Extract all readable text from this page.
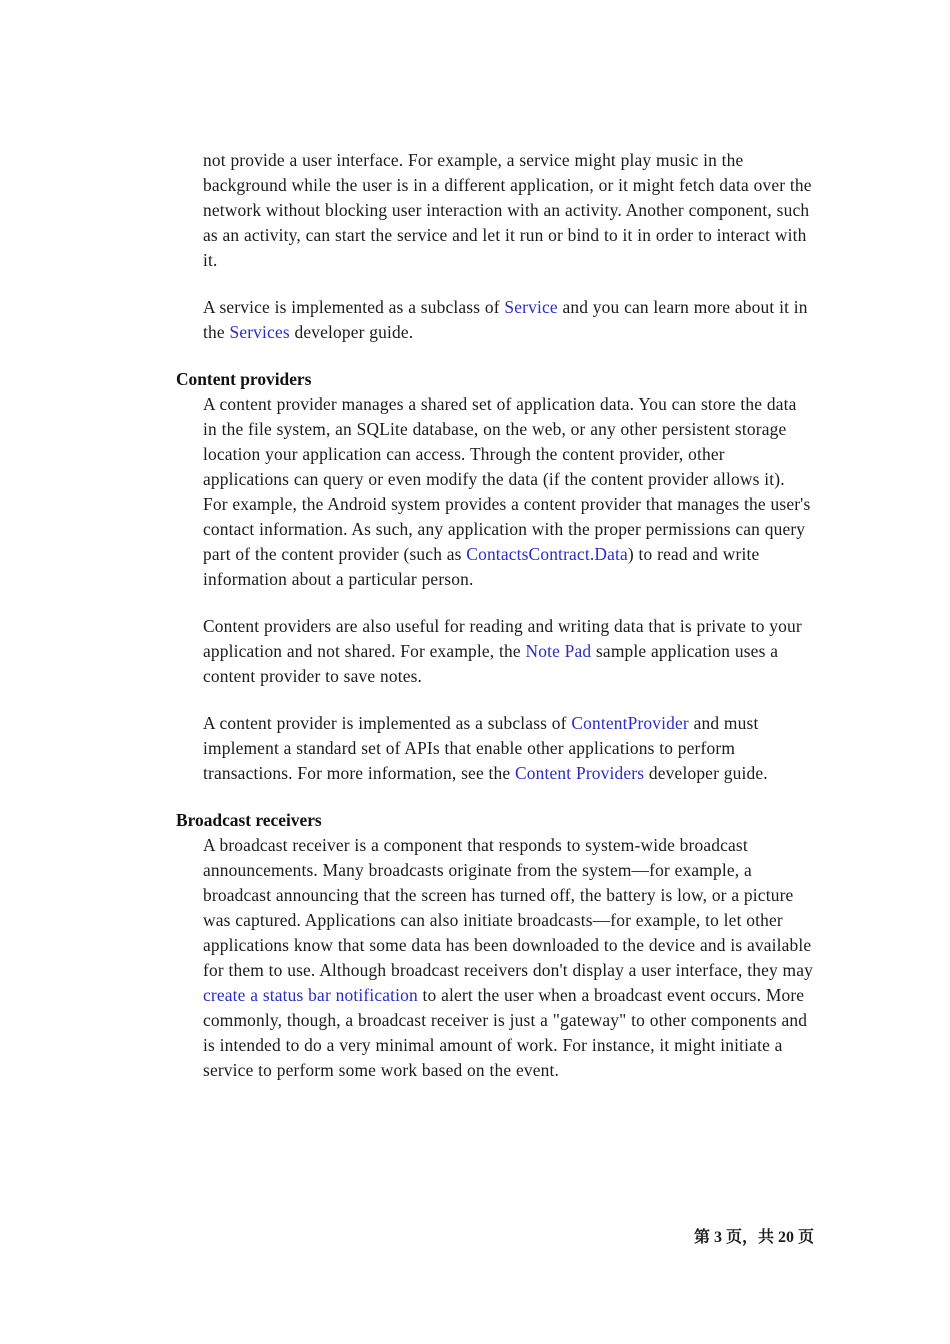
not provide a user interface. For example, a service might play music in the background while the user is in a different application, or it might fetch data over the network without blocking user interaction with an activity. Another component, such as an activity, can start the service and let it run or bind to it in order to interact with it.

A service is implemented as a subclass of Service and you can learn more about it in the Services developer guide.

Content providers

A content provider manages a shared set of application data. You can store the data in the file system, an SQLite database, on the web, or any other persistent storage location your application can access. Through the content provider, other applications can query or even modify the data (if the content provider allows it). For example, the Android system provides a content provider that manages the user's contact information. As such, any application with the proper permissions can query part of the content provider (such as ContactsContract.Data) to read and write information about a particular person.

Content providers are also useful for reading and writing data that is private to your application and not shared. For example, the Note Pad sample application uses a content provider to save notes.

A content provider is implemented as a subclass of ContentProvider and must implement a standard set of APIs that enable other applications to perform transactions. For more information, see the Content Providers developer guide.

Broadcast receivers

A broadcast receiver is a component that responds to system-wide broadcast announcements. Many broadcasts originate from the system—for example, a broadcast announcing that the screen has turned off, the battery is low, or a picture was captured. Applications can also initiate broadcasts—for example, to let other applications know that some data has been downloaded to the device and is available for them to use. Although broadcast receivers don't display a user interface, they may create a status bar notification to alert the user when a broadcast event occurs. More commonly, though, a broadcast receiver is just a "gateway" to other components and is intended to do a very minimal amount of work. For instance, it might initiate a service to perform some work based on the event.

第 3 页，共 20 页
